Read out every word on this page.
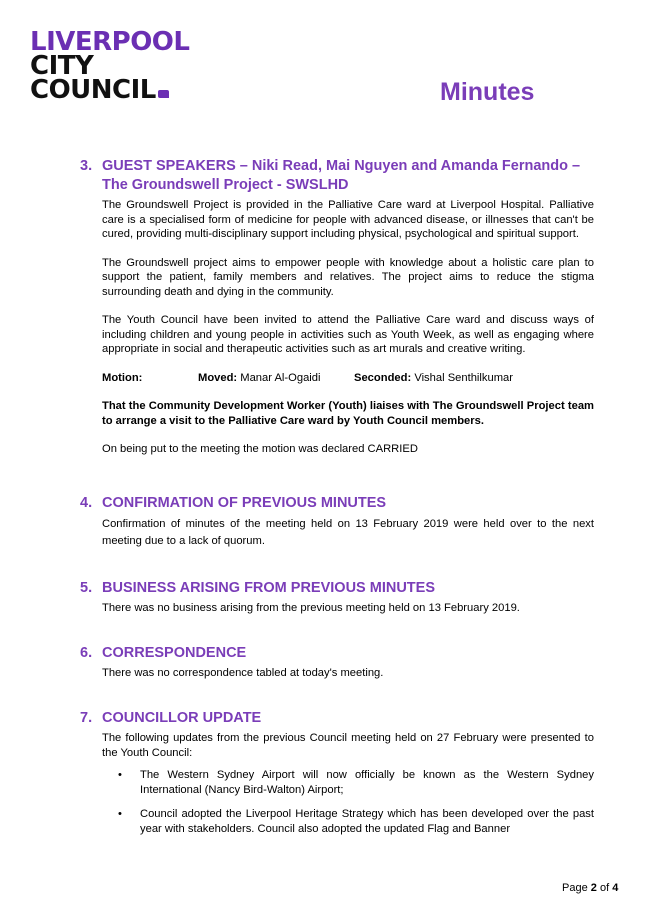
LIVERPOOL
CITY
COUNCIL	Minutes
3. GUEST SPEAKERS – Niki Read, Mai Nguyen and Amanda Fernando – The Groundswell Project - SWSLHD

The Groundswell Project is provided in the Palliative Care ward at Liverpool Hospital. Palliative care is a specialised form of medicine for people with advanced disease, or illnesses that can't be cured, providing multi-disciplinary support including physical, psychological and spiritual support.

The Groundswell project aims to empower people with knowledge about a holistic care plan to support the patient, family members and relatives. The project aims to reduce the stigma surrounding death and dying in the community.

The Youth Council have been invited to attend the Palliative Care ward and discuss ways of including children and young people in activities such as Youth Week, as well as engaging where appropriate in social and therapeutic activities such as art murals and creative writing.

Motion:	Moved: Manar Al-Ogaidi	Seconded: Vishal Senthilkumar

That the Community Development Worker (Youth) liaises with The Groundswell Project team to arrange a visit to the Palliative Care ward by Youth Council members.

On being put to the meeting the motion was declared CARRIED

4. CONFIRMATION OF PREVIOUS MINUTES
Confirmation of minutes of the meeting held on 13 February 2019 were held over to the next meeting due to a lack of quorum.
5. BUSINESS ARISING FROM PREVIOUS MINUTES
There was no business arising from the previous meeting held on 13 February 2019.
6. CORRESPONDENCE
There was no correspondence tabled at today's meeting.
7. COUNCILLOR UPDATE

The following updates from the previous Council meeting held on 27 February were presented to the Youth Council:

• The Western Sydney Airport will now officially be known as the Western Sydney International (Nancy Bird-Walton) Airport;
• Council adopted the Liverpool Heritage Strategy which has been developed over the past year with stakeholders. Council also adopted the updated Flag and Banner
Page 2 of 4
